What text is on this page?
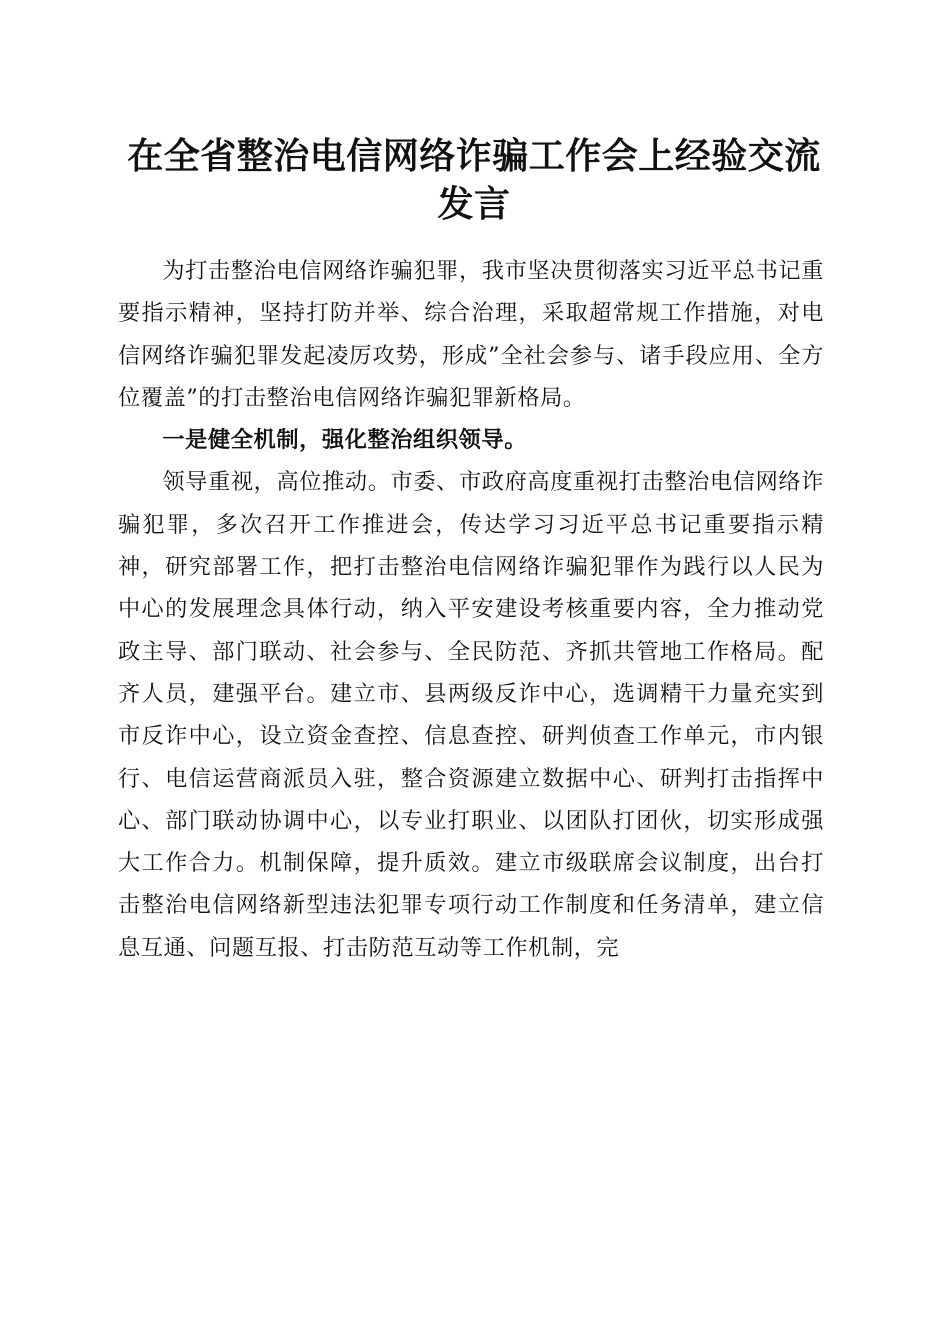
在全省整治电信网络诈骗工作会上经验交流发言

为打击整治电信网络诈骗犯罪，我市坚决贯彻落实习近平总书记重要指示精神，坚持打防并举、综合治理，采取超常规工作措施，对电信网络诈骗犯罪发起凌厉攻势，形成”全社会参与、诸手段应用、全方位覆盖”的打击整治电信网络诈骗犯罪新格局。

一是健全机制，强化整治组织领导。

领导重视，高位推动。市委、市政府高度重视打击整治电信网络诈骗犯罪，多次召开工作推进会，传达学习习近平总书记重要指示精神，研究部署工作，把打击整治电信网络诈骗犯罪作为践行以人民为中心的发展理念具体行动，纳入平安建设考核重要内容，全力推动党政主导、部门联动、社会参与、全民防范、齐抓共管地工作格局。配齐人员，建强平台。建立市、县两级反诈中心，选调精干力量充实到市反诈中心，设立资金查控、信息查控、研判侦查工作单元，市内银行、电信运营商派员入驻，整合资源建立数据中心、研判打击指挥中心、部门联动协调中心，以专业打职业、以团队打团伙，切实形成强大工作合力。机制保障，提升质效。建立市级联席会议制度，出台打击整治电信网络新型违法犯罪专项行动工作制度和任务清单，建立信息互通、问题互报、打击防范互动等工作机制，完
